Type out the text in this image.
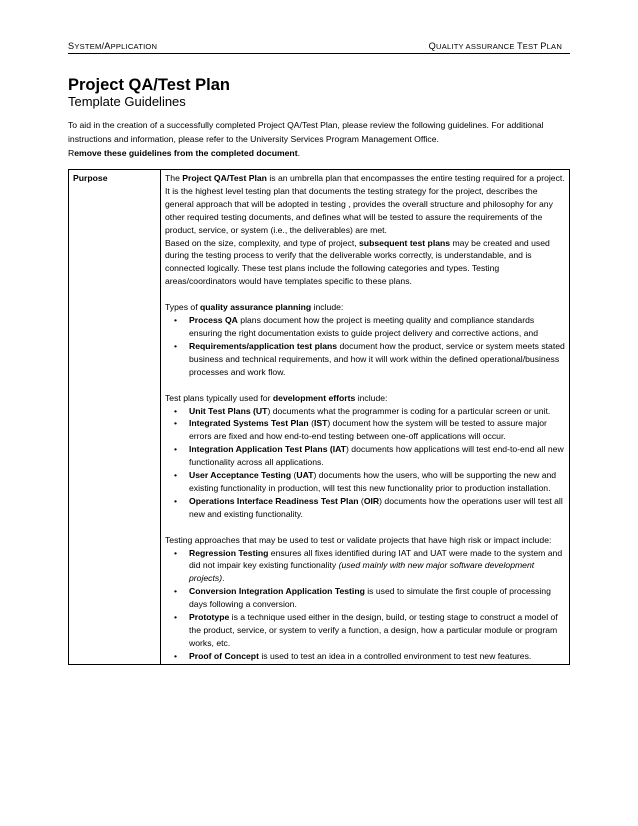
SYSTEM/APPLICATION	QUALITY ASSURANCE TEST PLAN
Project QA/Test Plan
Template Guidelines

To aid in the creation of a successfully completed Project QA/Test Plan, please review the following guidelines. For additional instructions and information, please refer to the University Services Program Management Office.

Remove these guidelines from the completed document.

Purpose	The Project QA/Test Plan is an umbrella plan that encompasses the entire testing required for a project. It is the highest level testing plan that documents the testing strategy for the project, describes the general approach that will be adopted in testing , provides the overall structure and philosophy for any other required testing documents, and defines what will be tested to assure the requirements of the product, service, or system (i.e., the deliverables) are met.

Based on the size, complexity, and type of project, subsequent test plans may be created and used during the testing process to verify that the deliverable works correctly, is understandable, and is connected logically. These test plans include the following categories and types. Testing areas/coordinators would have templates specific to these plans.

Types of quality assurance planning include:

• Process QA plans document how the project is meeting quality and compliance standards ensuring the right documentation exists to guide project delivery and corrective actions, and
• Requirements/application test plans document how the product, service or system meets stated business and technical requirements, and how it will work within the defined operational/business processes and work flow.

Test plans typically used for development efforts include:

• Unit Test Plans (UT) documents what the programmer is coding for a particular screen or unit.
• Integrated Systems Test Plan (IST) document how the system will be tested to assure major errors are fixed and how end-to-end testing between one-off applications will occur.
• Integration Application Test Plans (IAT) documents how applications will test end-to-end all new functionality across all applications.
• User Acceptance Testing (UAT) documents how the users, who will be supporting the new and existing functionality in production, will test this new functionality prior to production installation.
• Operations Interface Readiness Test Plan (OIR) documents how the operations user will test all new and existing functionality.

Testing approaches that may be used to test or validate projects that have high risk or impact include:

• Regression Testing ensures all fixes identified during IAT and UAT were made to the system and did not impair key existing functionality (used mainly with new major software development projects).
• Conversion Integration Application Testing is used to simulate the first couple of processing days following a conversion.
• Prototype is a technique used either in the design, build, or testing stage to construct a model of the product, service, or system to verify a function, a design, how a particular module or program works, etc.
• Proof of Concept is used to test an idea in a controlled environment to test new features.
